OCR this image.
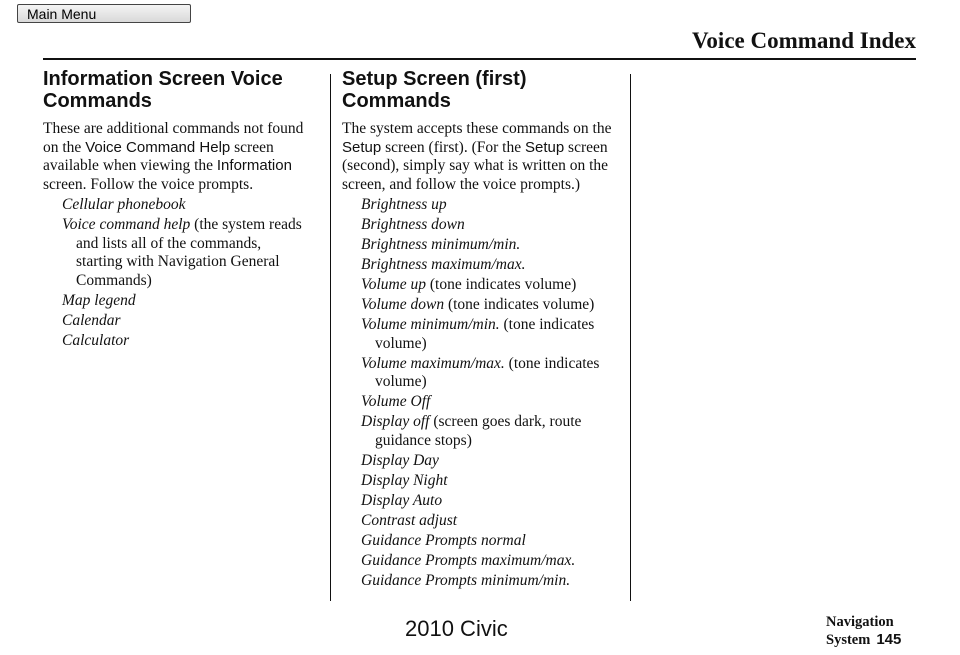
Main Menu
Voice Command Index
Information Screen Voice Commands

These are additional commands not found on the Voice Command Help screen available when viewing the Information screen. Follow the voice prompts.

Cellular phonebook
Voice command help (the system reads and lists all of the commands, starting with Navigation General Commands)
Map legend
Calendar
Calculator
Setup Screen (first) Commands

The system accepts these commands on the Setup screen (first). (For the Setup screen (second), simply say what is written on the screen, and follow the voice prompts.)

Brightness up
Brightness down
Brightness minimum/min.
Brightness maximum/max.
Volume up (tone indicates volume)
Volume down (tone indicates volume)
Volume minimum/min. (tone indicates volume)
Volume maximum/max. (tone indicates volume)
Volume Off
Display off (screen goes dark, route guidance stops)
Display Day
Display Night
Display Auto
Contrast adjust
Guidance Prompts normal
Guidance Prompts maximum/max.
Guidance Prompts minimum/min.
Navigation System 145
2010 Civic
